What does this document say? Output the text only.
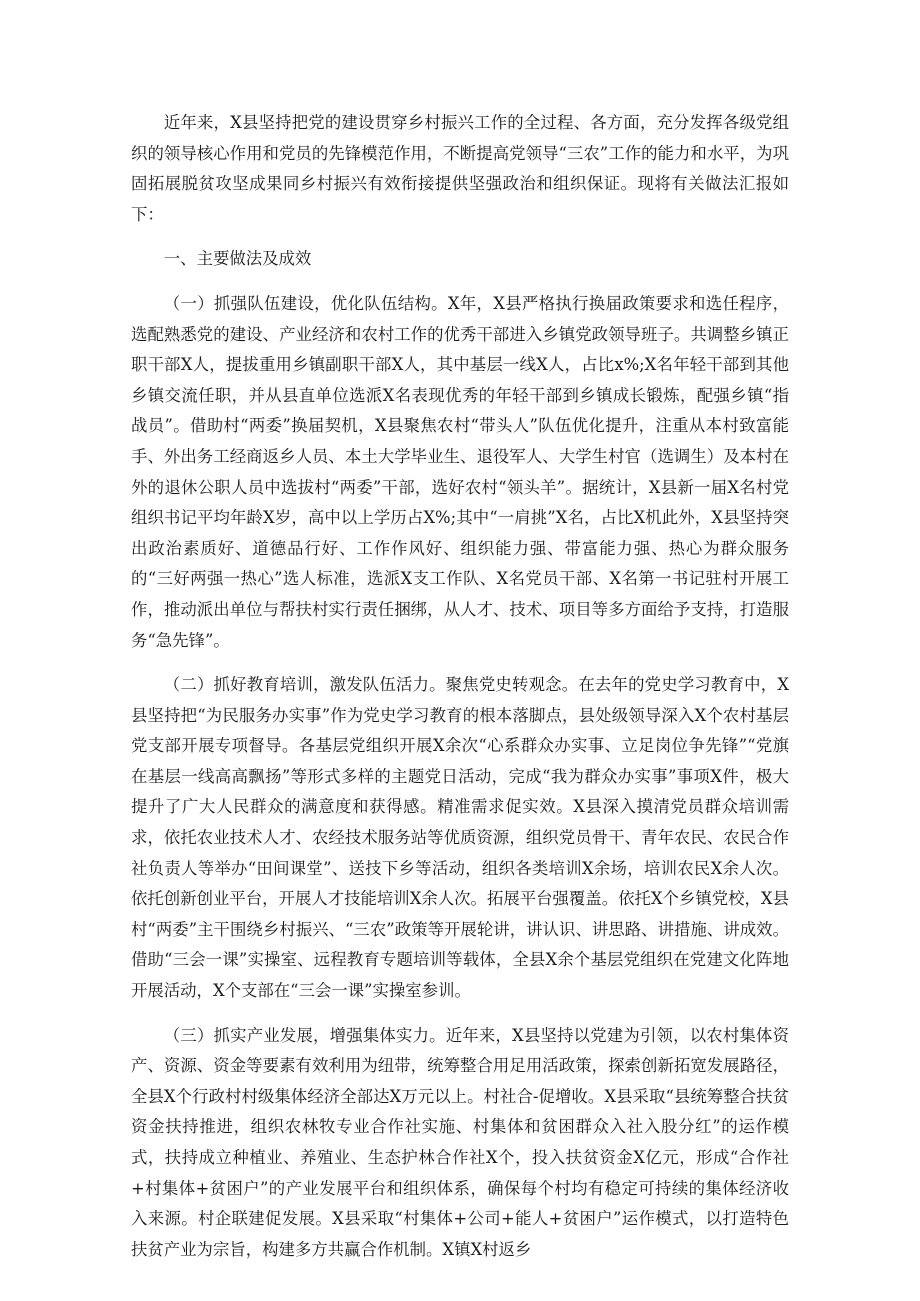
近年来，X县坚持把党的建设贯穿乡村振兴工作的全过程、各方面，充分发挥各级党组织的领导核心作用和党员的先锋模范作用，不断提高党领导“三农”工作的能力和水平，为巩固拓展脱贫攻坚成果同乡村振兴有效衔接提供坚强政治和组织保证。现将有关做法汇报如下：

一、主要做法及成效

（一）抓强队伍建设，优化队伍结构。X年，X县严格执行换届政策要求和选任程序，选配熟悉党的建设、产业经济和农村工作的优秀干部进入乡镇党政领导班子。共调整乡镇正职干部X人，提拔重用乡镇副职干部X人，其中基层一线X人，占比x%;X名年轻干部到其他乡镇交流任职，并从县直单位选派X名表现优秀的年轻干部到乡镇成长锻炼，配强乡镇“指战员”。借助村“两委”换届契机，X县聚焦农村“带头人”队伍优化提升，注重从本村致富能手、外出务工经商返乡人员、本土大学毕业生、退役军人、大学生村官（选调生）及本村在外的退休公职人员中选拔村“两委”干部，选好农村“领头羊”。据统计，X县新一届X名村党组织书记平均年龄X岁，高中以上学历占X%;其中“一肩挑”X名，占比X机此外，X县坚持突出政治素质好、道德品行好、工作作风好、组织能力强、带富能力强、热心为群众服务的“三好两强一热心”选人标准，选派X支工作队、X名党员干部、X名第一书记驻村开展工作，推动派出单位与帮扶村实行责任捆绑，从人才、技术、项目等多方面给予支持，打造服务“急先锋”。

（二）抓好教育培训，激发队伍活力。聚焦党史转观念。在去年的党史学习教育中，X县坚持把“为民服务办实事”作为党史学习教育的根本落脚点，县处级领导深入X个农村基层党支部开展专项督导。各基层党组织开展X余次“心系群众办实事、立足岗位争先锋”“党旗在基层一线高高飘扬”等形式多样的主题党日活动，完成“我为群众办实事”事项X件，极大提升了广大人民群众的满意度和获得感。精准需求促实效。X县深入摸清党员群众培训需求，依托农业技术人才、农经技术服务站等优质资源，组织党员骨干、青年农民、农民合作社负责人等举办“田间课堂”、送技下乡等活动，组织各类培训X余场，培训农民X余人次。依托创新创业平台，开展人才技能培训X余人次。拓展平台强覆盖。依托X个乡镇党校，X县村“两委”主干围绕乡村振兴、“三农”政策等开展轮讲，讲认识、讲思路、讲措施、讲成效。借助“三会一课”实操室、远程教育专题培训等载体，全县X余个基层党组织在党建文化阵地开展活动，X个支部在“三会一课”实操室参训。

（三）抓实产业发展，增强集体实力。近年来，X县坚持以党建为引领，以农村集体资产、资源、资金等要素有效利用为纽带，统筹整合用足用活政策，探索创新拓宽发展路径，全县X个行政村村级集体经济全部达X万元以上。村社合-促增收。X县采取“县统筹整合扶贫资金扶持推进，组织农林牧专业合作社实施、村集体和贫困群众入社入股分红”的运作模式，扶持成立种植业、养殖业、生态护林合作社X个，投入扶贫资金X亿元，形成“合作社+村集体+贫困户”的产业发展平台和组织体系，确保每个村均有稳定可持续的集体经济收入来源。村企联建促发展。X县采取“村集体+公司+能人+贫困户”运作模式，以打造特色扶贫产业为宗旨，构建多方共赢合作机制。X镇X村返乡
